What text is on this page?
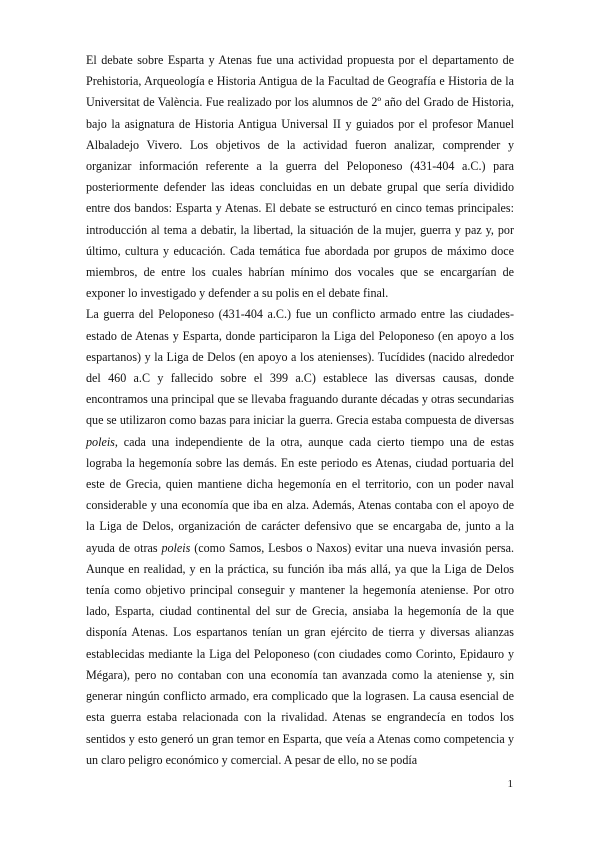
El debate sobre Esparta y Atenas fue una actividad propuesta por el departamento de Prehistoria, Arqueología e Historia Antigua de la Facultad de Geografía e Historia de la Universitat de València. Fue realizado por los alumnos de 2º año del Grado de Historia, bajo la asignatura de Historia Antigua Universal II y guiados por el profesor Manuel Albaladejo Vivero. Los objetivos de la actividad fueron analizar, comprender y organizar información referente a la guerra del Peloponeso (431-404 a.C.) para posteriormente defender las ideas concluidas en un debate grupal que sería dividido entre dos bandos: Esparta y Atenas. El debate se estructuró en cinco temas principales: introducción al tema a debatir, la libertad, la situación de la mujer, guerra y paz y, por último, cultura y educación. Cada temática fue abordada por grupos de máximo doce miembros, de entre los cuales habrían mínimo dos vocales que se encargarían de exponer lo investigado y defender a su polis en el debate final.

La guerra del Peloponeso (431-404 a.C.) fue un conflicto armado entre las ciudades-estado de Atenas y Esparta, donde participaron la Liga del Peloponeso (en apoyo a los espartanos) y la Liga de Delos (en apoyo a los atenienses). Tucídides (nacido alrededor del 460 a.C y fallecido sobre el 399 a.C) establece las diversas causas, donde encontramos una principal que se llevaba fraguando durante décadas y otras secundarias que se utilizaron como bazas para iniciar la guerra. Grecia estaba compuesta de diversas poleis, cada una independiente de la otra, aunque cada cierto tiempo una de estas lograba la hegemonía sobre las demás. En este periodo es Atenas, ciudad portuaria del este de Grecia, quien mantiene dicha hegemonía en el territorio, con un poder naval considerable y una economía que iba en alza. Además, Atenas contaba con el apoyo de la Liga de Delos, organización de carácter defensivo que se encargaba de, junto a la ayuda de otras poleis (como Samos, Lesbos o Naxos) evitar una nueva invasión persa. Aunque en realidad, y en la práctica, su función iba más allá, ya que la Liga de Delos tenía como objetivo principal conseguir y mantener la hegemonía ateniense. Por otro lado, Esparta, ciudad continental del sur de Grecia, ansiaba la hegemonía de la que disponía Atenas. Los espartanos tenían un gran ejército de tierra y diversas alianzas establecidas mediante la Liga del Peloponeso (con ciudades como Corinto, Epidauro y Mégara), pero no contaban con una economía tan avanzada como la ateniense y, sin generar ningún conflicto armado, era complicado que la lograsen. La causa esencial de esta guerra estaba relacionada con la rivalidad. Atenas se engrandecía en todos los sentidos y esto generó un gran temor en Esparta, que veía a Atenas como competencia y un claro peligro económico y comercial. A pesar de ello, no se podía

1
